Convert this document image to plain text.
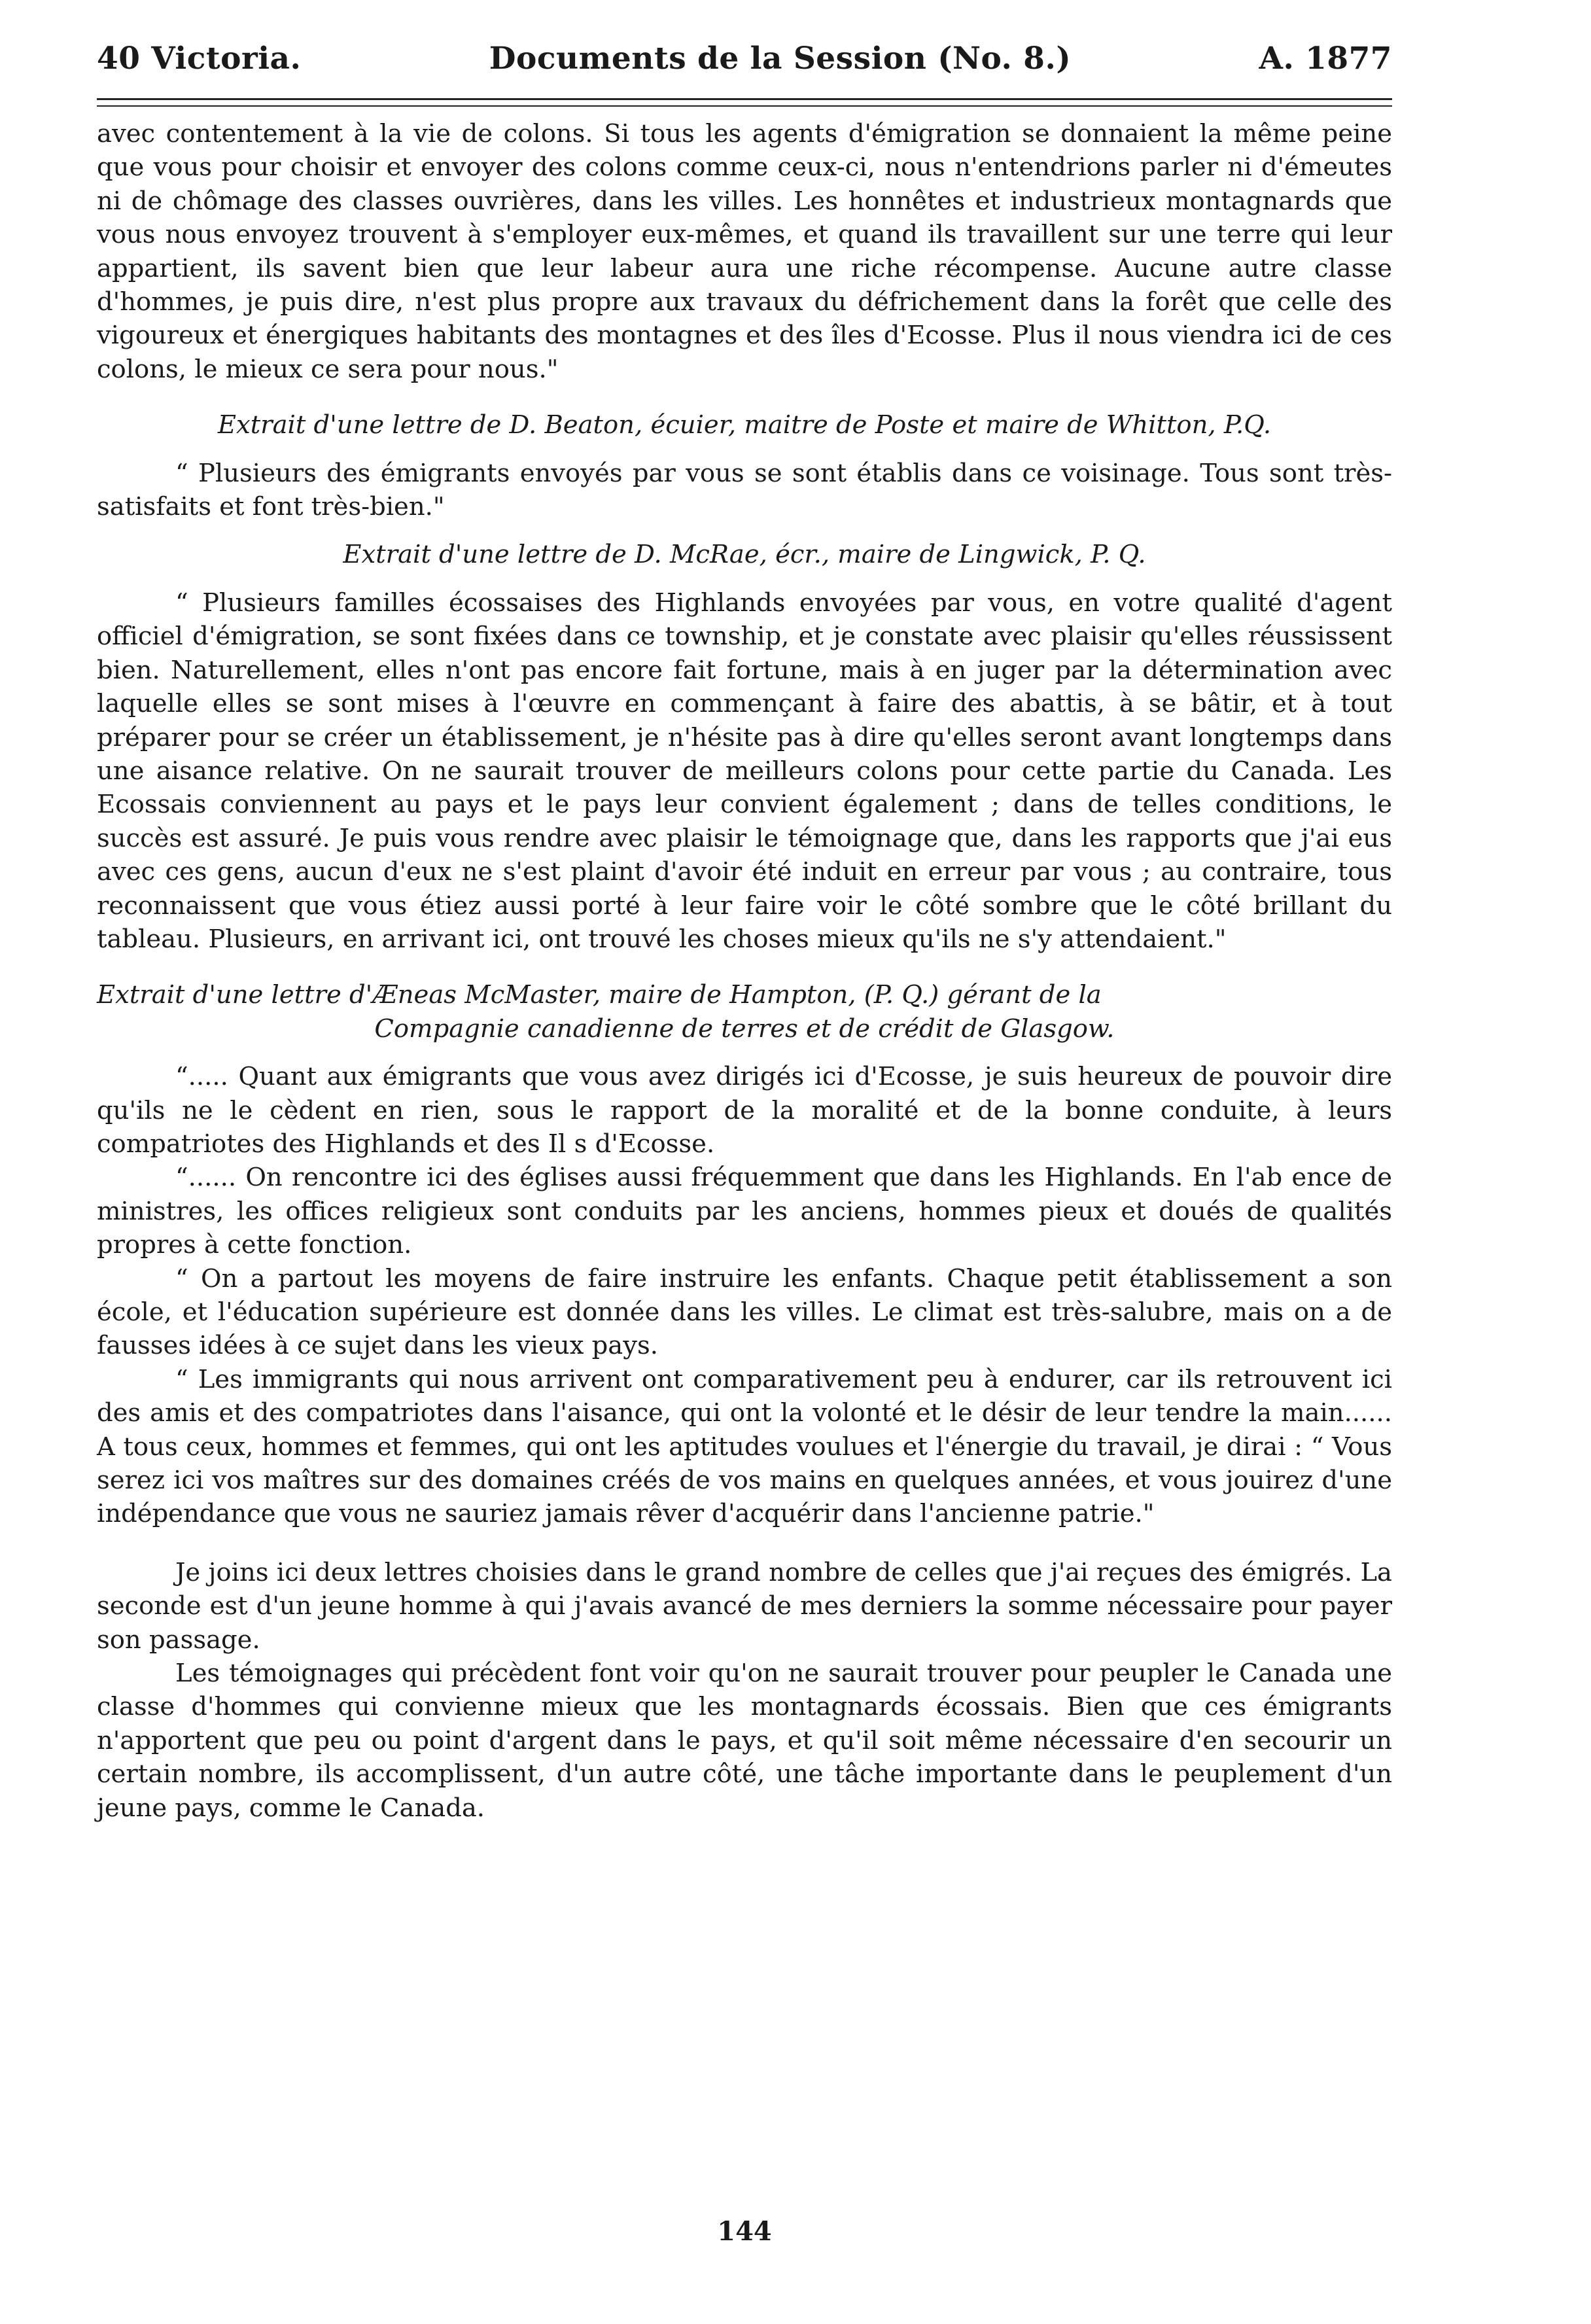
40 Victoria.	Documents de la Session (No. 8.)	A. 1877

avec contentement à la vie de colons. Si tous les agents d'émigration se donnaient la même peine que vous pour choisir et envoyer des colons comme ceux-ci, nous n'entendrions parler ni d'émeutes ni de chômage des classes ouvrières, dans les villes. Les honnêtes et industrieux montagnards que vous nous envoyez trouvent à s'employer eux-mêmes, et quand ils travaillent sur une terre qui leur appartient, ils savent bien que leur labeur aura une riche récompense. Aucune autre classe d'hommes, je puis dire, n'est plus propre aux travaux du défrichement dans la forêt que celle des vigoureux et énergiques habitants des montagnes et des îles d'Ecosse. Plus il nous viendra ici de ces colons, le mieux ce sera pour nous."

Extrait d'une lettre de D. Beaton, écuier, maitre de Poste et maire de Whitton, P.Q.

“ Plusieurs des émigrants envoyés par vous se sont établis dans ce voisinage. Tous sont très-satisfaits et font très-bien."

Extrait d'une lettre de D. McRae, écr., maire de Lingwick, P. Q.

“ Plusieurs familles écossaises des Highlands envoyées par vous, en votre qualité d'agent officiel d'émigration, se sont fixées dans ce township, et je constate avec plaisir qu'elles réussissent bien. Naturellement, elles n'ont pas encore fait fortune, mais à en juger par la détermination avec laquelle elles se sont mises à l'œuvre en commençant à faire des abattis, à se bâtir, et à tout préparer pour se créer un établissement, je n'hésite pas à dire qu'elles seront avant longtemps dans une aisance relative. On ne saurait trouver de meilleurs colons pour cette partie du Canada. Les Ecossais conviennent au pays et le pays leur convient également ; dans de telles conditions, le succès est assuré. Je puis vous rendre avec plaisir le témoignage que, dans les rapports que j'ai eus avec ces gens, aucun d'eux ne s'est plaint d'avoir été induit en erreur par vous ; au contraire, tous reconnaissent que vous étiez aussi porté à leur faire voir le côté sombre que le côté brillant du tableau. Plusieurs, en arrivant ici, ont trouvé les choses mieux qu'ils ne s'y attendaient."

Extrait d'une lettre d'Æneas McMaster, maire de Hampton, (P. Q.) gérant de la
Compagnie canadienne de terres et de crédit de Glasgow.

“..... Quant aux émigrants que vous avez dirigés ici d'Ecosse, je suis heureux de pouvoir dire qu'ils ne le cèdent en rien, sous le rapport de la moralité et de la bonne conduite, à leurs compatriotes des Highlands et des Il s d'Ecosse.

“...... On rencontre ici des églises aussi fréquemment que dans les Highlands. En l'ab ence de ministres, les offices religieux sont conduits par les anciens, hommes pieux et doués de qualités propres à cette fonction.

“ On a partout les moyens de faire instruire les enfants. Chaque petit établissement a son école, et l'éducation supérieure est donnée dans les villes. Le climat est très-salubre, mais on a de fausses idées à ce sujet dans les vieux pays.

“ Les immigrants qui nous arrivent ont comparativement peu à endurer, car ils retrouvent ici des amis et des compatriotes dans l'aisance, qui ont la volonté et le désir de leur tendre la main...... A tous ceux, hommes et femmes, qui ont les aptitudes voulues et l'énergie du travail, je dirai : “ Vous serez ici vos maîtres sur des domaines créés de vos mains en quelques années, et vous jouirez d'une indépendance que vous ne sauriez jamais rêver d'acquérir dans l'ancienne patrie."

Je joins ici deux lettres choisies dans le grand nombre de celles que j'ai reçues des émigrés. La seconde est d'un jeune homme à qui j'avais avancé de mes derniers la somme nécessaire pour payer son passage.

Les témoignages qui précèdent font voir qu'on ne saurait trouver pour peupler le Canada une classe d'hommes qui convienne mieux que les montagnards écossais. Bien que ces émigrants n'apportent que peu ou point d'argent dans le pays, et qu'il soit même nécessaire d'en secourir un certain nombre, ils accomplissent, d'un autre côté, une tâche importante dans le peuplement d'un jeune pays, comme le Canada.

144
